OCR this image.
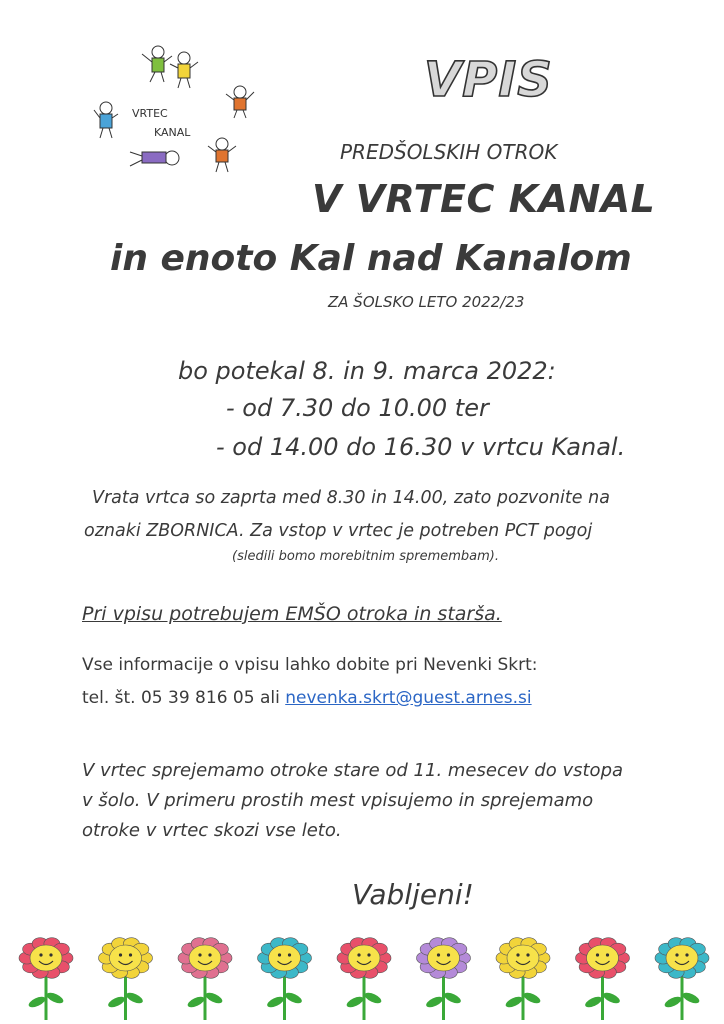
VRTEC
KANAL
VPIS
PREDŠOLSKIH OTROK
V VRTEC KANAL
in enoto Kal nad Kanalom
ZA ŠOLSKO LETO 2022/23
bo potekal 8. in 9. marca 2022:
- od 7.30 do 10.00 ter
- od 14.00 do 16.30 v vrtcu Kanal.
Vrata vrtca so zaprta med 8.30 in 14.00, zato pozvonite na
oznaki ZBORNICA. Za vstop v vrtec je potreben PCT pogoj
(sledili bomo morebitnim spremembam).
Pri vpisu potrebujem EMŠO otroka in starša.
Vse informacije o vpisu lahko dobite pri Nevenki Skrt:
tel. št. 05 39 816 05 ali nevenka.skrt@guest.arnes.si
V vrtec sprejemamo otroke stare od 11. mesecev do vstopa
v šolo. V primeru prostih mest vpisujemo in sprejemamo
otroke v vrtec skozi vse leto.
Vabljeni!
